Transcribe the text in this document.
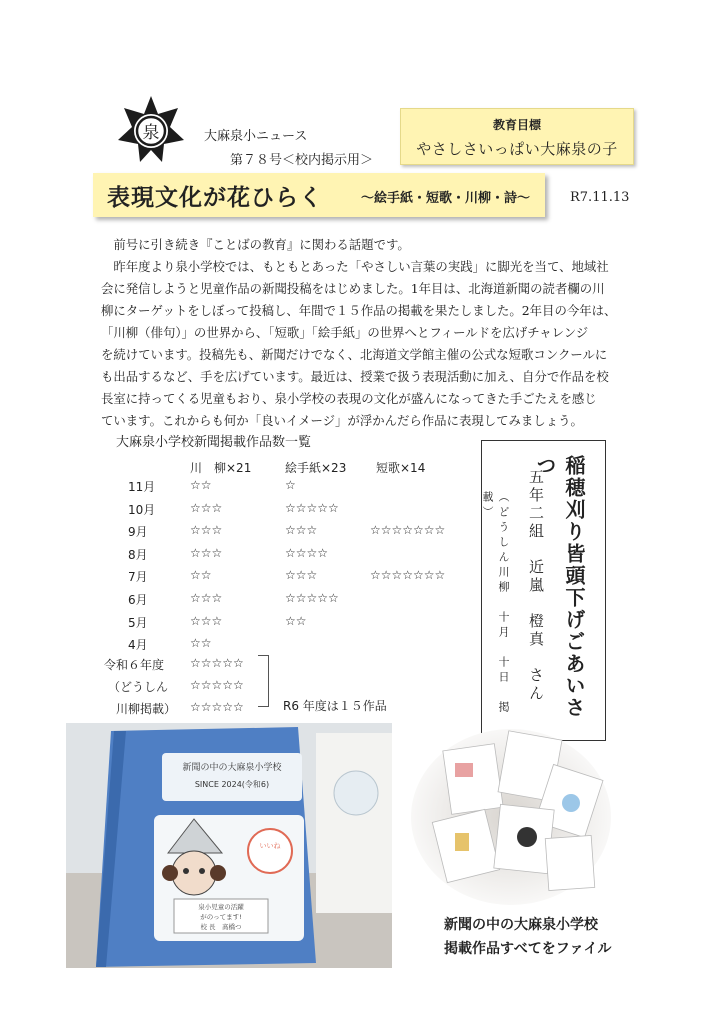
泉	大麻泉小ニュース
第７８号＜校内掲示用＞
教育目標
やさしさいっぱい大麻泉の子
表現文化が花ひらく	～絵手紙・短歌・川柳・詩～	R7.11.13

　前号に引き続き『ことばの教育』に関わる話題です。

　昨年度より泉小学校では、もともとあった「やさしい言葉の実践」に脚光を当て、地域社

会に発信しようと児童作品の新聞投稿をはじめました。1年目は、北海道新聞の読者欄の川

柳にターゲットをしぼって投稿し、年間で１５作品の掲載を果たしました。2年目の今年は、

「川柳（俳句）」の世界から、「短歌」「絵手紙」の世界へとフィールドを広げチャレンジ

を続けています。投稿先も、新聞だけでなく、北海道文学館主催の公式な短歌コンクールに

も出品するなど、手を広げています。最近は、授業で扱う表現活動に加え、自分で作品を校

長室に持ってくる児童もおり、泉小学校の表現の文化が盛んになってきた手ごたえを感じ

ています。これからも何か「良いイメージ」が浮かんだら作品に表現してみましょう。

大麻泉小学校新聞掲載作品数一覧
川　柳×21	絵手紙×23 短歌×14
11月	☆☆	☆
10月	☆☆☆	☆☆☆☆☆
9月	☆☆☆	☆☆☆	☆☆☆☆☆☆☆
8月	☆☆☆	☆☆☆☆
7月	☆☆	☆☆☆	☆☆☆☆☆☆☆
6月	☆☆☆	☆☆☆☆☆
5月	☆☆☆	☆☆
4月	☆☆
令和６年度 ☆☆☆☆☆
（どうしん ☆☆☆☆☆
川柳掲載） ☆☆☆☆☆	R6 年度は１５作品	稲穂刈り皆頭下げごあいさつ
五年二組　近嵐　橙真　さん
（どうしん川柳　十月　十日　掲載）
新聞の中の大麻泉小学校
SINCE 2024(令和6)
いいね
泉小児童の活躍
がのってます!
校 長　髙橋つ	新聞の中の大麻泉小学校
掲載作品すべてをファイル
